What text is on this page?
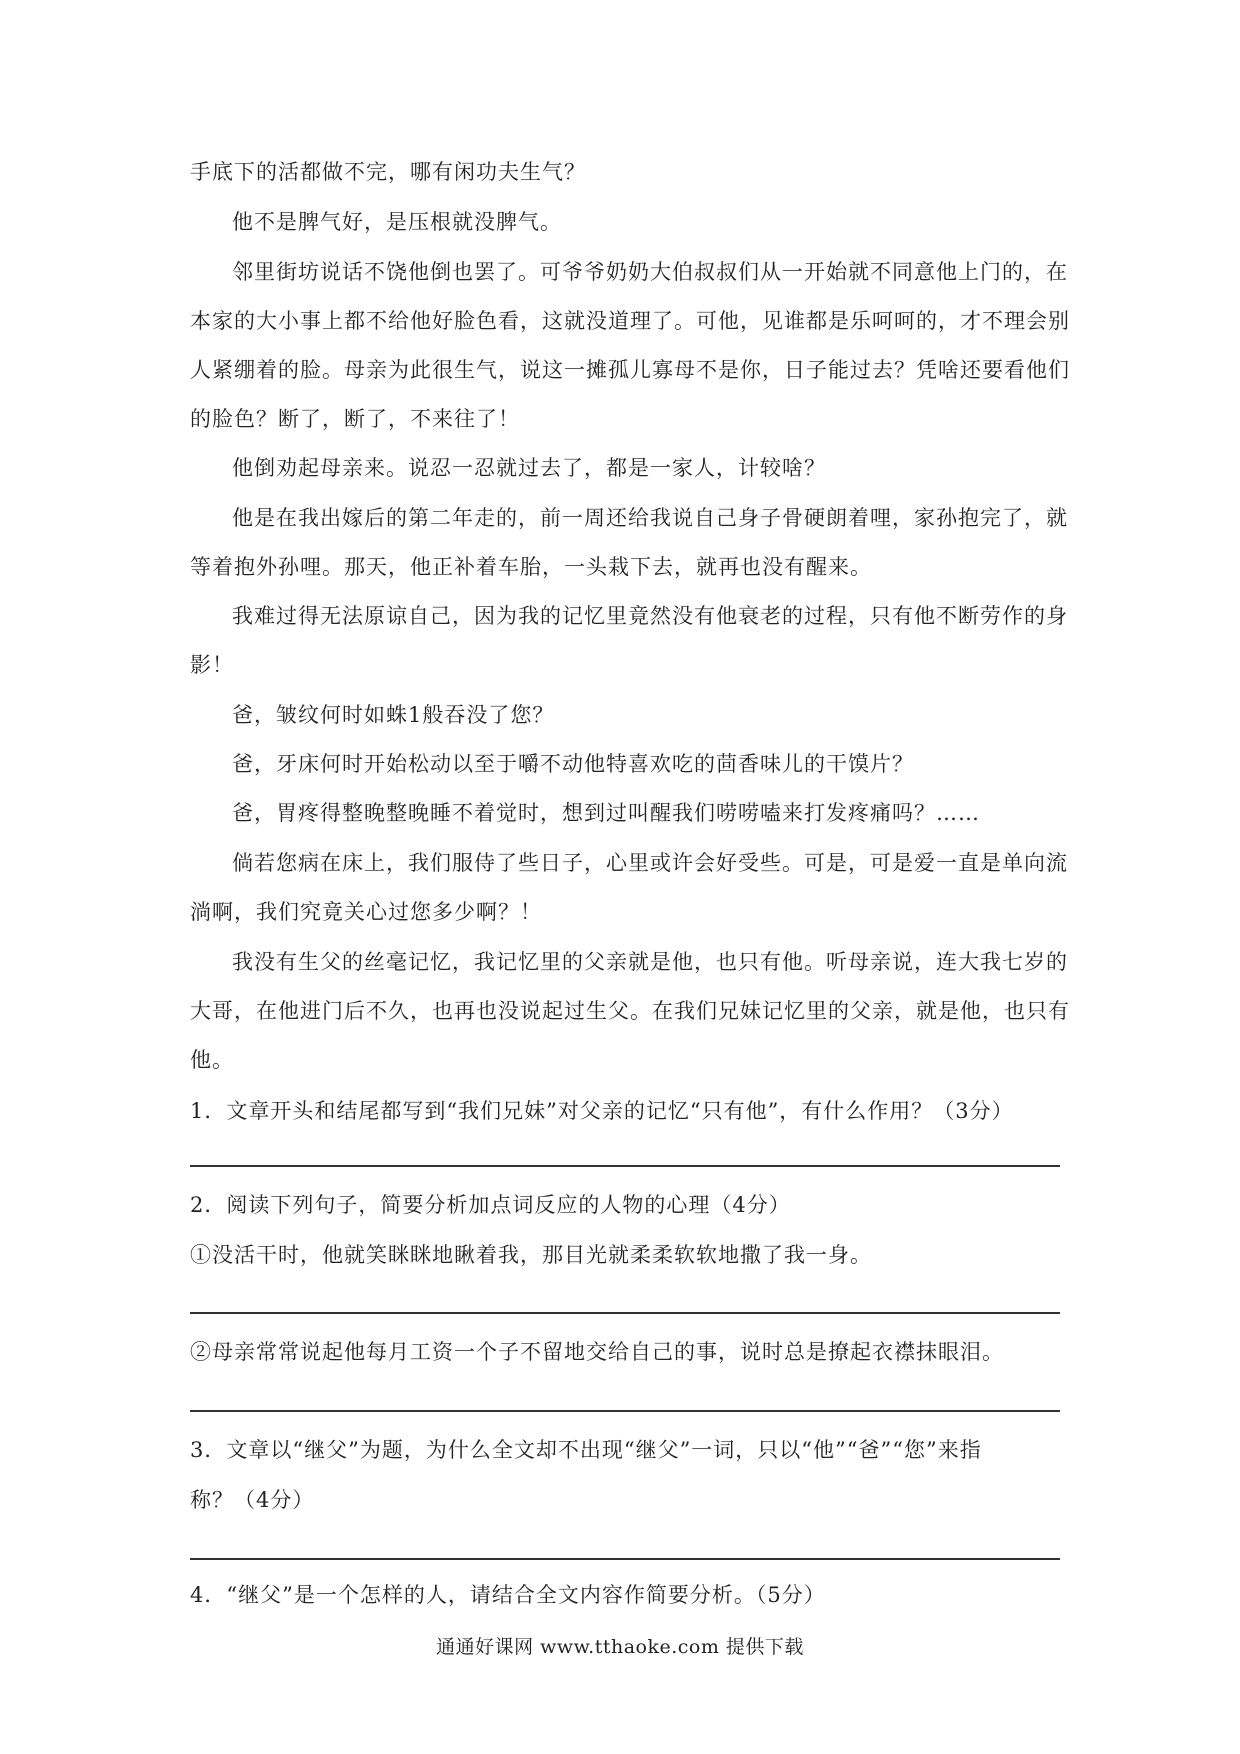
手底下的活都做不完，哪有闲功夫生气？
他不是脾气好，是压根就没脾气。
邻里街坊说话不饶他倒也罢了。可爷爷奶奶大伯叔叔们从一开始就不同意他上门的，在
本家的大小事上都不给他好脸色看，这就没道理了。可他，见谁都是乐呵呵的，才不理会别
人紧绷着的脸。母亲为此很生气，说这一摊孤儿寡母不是你，日子能过去？凭啥还要看他们
的脸色？断了，断了，不来往了！
他倒劝起母亲来。说忍一忍就过去了，都是一家人，计较啥？
他是在我出嫁后的第二年走的，前一周还给我说自己身子骨硬朗着哩，家孙抱完了，就
等着抱外孙哩。那天，他正补着车胎，一头栽下去，就再也没有醒来。
我难过得无法原谅自己，因为我的记忆里竟然没有他衰老的过程，只有他不断劳作的身
影！
爸，皱纹何时如蛛1般吞没了您？
爸，牙床何时开始松动以至于嚼不动他特喜欢吃的茴香味儿的干馍片？
爸，胃疼得整晚整晚睡不着觉时，想到过叫醒我们唠唠嗑来打发疼痛吗？……
倘若您病在床上，我们服侍了些日子，心里或许会好受些。可是，可是爱一直是单向流
淌啊，我们究竟关心过您多少啊？！
我没有生父的丝毫记忆，我记忆里的父亲就是他，也只有他。听母亲说，连大我七岁的
大哥，在他进门后不久，也再也没说起过生父。在我们兄妹记忆里的父亲，就是他，也只有
他。
1．文章开头和结尾都写到“我们兄妹”对父亲的记忆“只有他”，有什么作用？（3分）
2．阅读下列句子，简要分析加点词反应的人物的心理（4分）
①没活干时，他就笑眯眯地瞅着我，那目光就柔柔软软地撒了我一身。
②母亲常常说起他每月工资一个子不留地交给自己的事，说时总是撩起衣襟抹眼泪。
3．文章以“继父”为题，为什么全文却不出现“继父”一词，只以“他”“爸”“您”来指
称？（4分）
4．“继父”是一个怎样的人，请结合全文内容作简要分析。（5分）
通通好课网 www.tthaoke.com 提供下载
